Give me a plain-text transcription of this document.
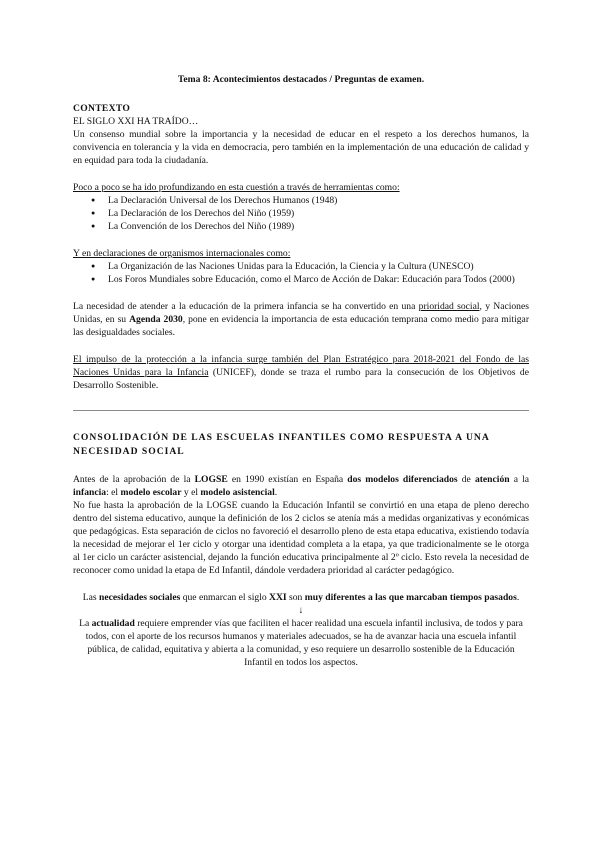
Tema 8: Acontecimientos destacados / Preguntas de examen.

CONTEXTO

EL SIGLO XXI HA TRAÍDO…

Un consenso mundial sobre la importancia y la necesidad de educar en el respeto a los derechos humanos, la convivencia en tolerancia y la vida en democracia, pero también en la implementación de una educación de calidad y en equidad para toda la ciudadanía.

Poco a poco se ha ido profundizando en esta cuestión a través de herramientas como:

● La Declaración Universal de los Derechos Humanos (1948)
● La Declaración de los Derechos del Niño (1959)
● La Convención de los Derechos del Niño (1989)

Y en declaraciones de organismos internacionales como:

● La Organización de las Naciones Unidas para la Educación, la Ciencia y la Cultura (UNESCO)
● Los Foros Mundiales sobre Educación, como el Marco de Acción de Dakar: Educación para Todos (2000)

La necesidad de atender a la educación de la primera infancia se ha convertido en una prioridad social, y Naciones Unidas, en su Agenda 2030, pone en evidencia la importancia de esta educación temprana como medio para mitigar las desigualdades sociales.

El impulso de la protección a la infancia surge también del Plan Estratégico para 2018-2021 del Fondo de las Naciones Unidas para la Infancia (UNICEF), donde se traza el rumbo para la consecución de los Objetivos de Desarrollo Sostenible.

CONSOLIDACIÓN DE LAS ESCUELAS INFANTILES COMO RESPUESTA A UNA NECESIDAD SOCIAL

Antes de la aprobación de la LOGSE en 1990 existían en España dos modelos diferenciados de atención a la infancia: el modelo escolar y el modelo asistencial.

No fue hasta la aprobación de la LOGSE cuando la Educación Infantil se convirtió en una etapa de pleno derecho dentro del sistema educativo, aunque la definición de los 2 ciclos se atenía más a medidas organizativas y económicas que pedagógicas. Esta separación de ciclos no favoreció el desarrollo pleno de esta etapa educativa, existiendo todavía la necesidad de mejorar el 1er ciclo y otorgar una identidad completa a la etapa, ya que tradicionalmente se le otorga al 1er ciclo un carácter asistencial, dejando la función educativa principalmente al 2º ciclo. Esto revela la necesidad de reconocer como unidad la etapa de Ed Infantil, dándole verdadera prioridad al carácter pedagógico.

Las necesidades sociales que enmarcan el siglo XXI son muy diferentes a las que marcaban tiempos pasados.

↓

La actualidad requiere emprender vías que faciliten el hacer realidad una escuela infantil inclusiva, de todos y para todos, con el aporte de los recursos humanos y materiales adecuados, se ha de avanzar hacia una escuela infantil pública, de calidad, equitativa y abierta a la comunidad, y eso requiere un desarrollo sostenible de la Educación Infantil en todos los aspectos.
